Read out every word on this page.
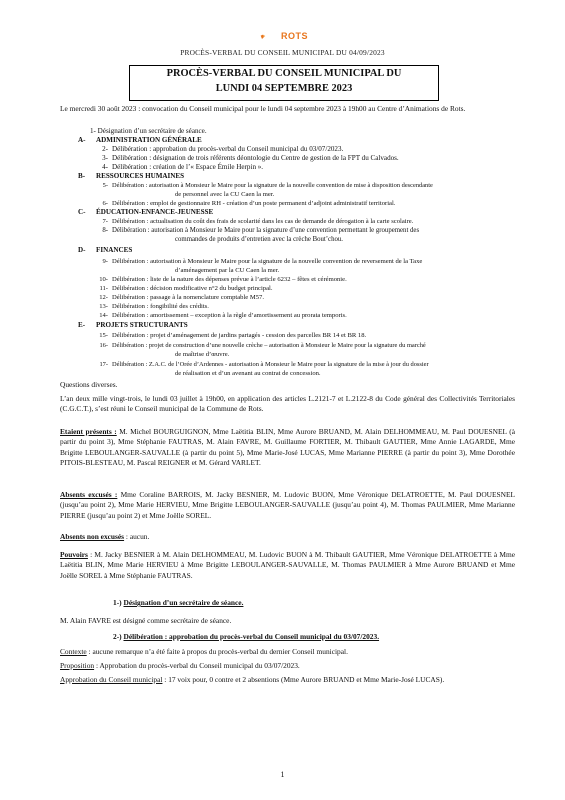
ROTS
PROCÈS-VERBAL DU CONSEIL MUNICIPAL DU 04/09/2023
PROCÈS-VERBAL DU CONSEIL MUNICIPAL DU
LUNDI 04 SEPTEMBRE 2023
Le mercredi 30 août 2023 : convocation du Conseil municipal pour le lundi 04 septembre 2023 à 19h00 au Centre d’Animations de Rots.
1- Désignation d’un secrétaire de séance.
A- ADMINISTRATION GÉNÉRALE
2- Délibération : approbation du procès-verbal du Conseil municipal du 03/07/2023.
3- Délibération : désignation de trois référents déontologie du Centre de gestion de la FPT du Calvados.
4- Délibération : création de l’« Espace Émile Herpin ».
B- RESSOURCES HUMAINES
5- Délibération : autorisation à Monsieur le Maire pour la signature de la nouvelle convention de mise à disposition descendante
de personnel avec la CU Caen la mer.
6- Délibération : emploi de gestionnaire RH - création d’un poste permanent d’adjoint administratif territorial.
C- ÉDUCATION-ENFANCE-JEUNESSE
7- Délibération : actualisation du coût des frais de scolarité dans les cas de demande de dérogation à la carte scolaire.
8- Délibération : autorisation à Monsieur le Maire pour la signature d’une convention permettant le groupement des
commandes de produits d’entretien avec la crèche Bout’chou.
D- FINANCES
9- Délibération : autorisation à Monsieur le Maire pour la signature de la nouvelle convention de reversement de la Taxe
d’aménagement par la CU Caen la mer.
10- Délibération : liste de la nature des dépenses prévue à l’article 6232 – fêtes et cérémonie.
11- Délibération : décision modificative n°2 du budget principal.
12- Délibération : passage à la nomenclature comptable M57.
13- Délibération : fongibilité des crédits.
14- Délibération : amortissement – exception à la règle d’amortissement au prorata temporis.
E- PROJETS STRUCTURANTS
15- Délibération : projet d’aménagement de jardins partagés - cession des parcelles BR 14 et BR 18.
16- Délibération : projet de construction d’une nouvelle crèche – autorisation à Monsieur le Maire pour la signature du marché
de maîtrise d’œuvre.
17- Délibération : Z.A.C. de l’Orée d’Ardennes - autorisation à Monsieur le Maire pour la signature de la mise à jour du dossier
de réalisation et d’un avenant au contrat de concession.
Questions diverses.
L’an deux mille vingt-trois, le lundi 03 juillet à 19h00, en application des articles L.2121-7 et L.2122-8 du Code général des Collectivités Territoriales (C.G.C.T.), s’est réuni le Conseil municipal de la Commune de Rots.
Etaient présents : M. Michel BOURGUIGNON, Mme Laëtitia BLIN, Mme Aurore BRUAND, M. Alain DELHOMMEAU, M. Paul DOUESNEL (à partir du point 3), Mme Stéphanie FAUTRAS, M. Alain FAVRE, M. Guillaume FORTIER, M. Thibault GAUTIER, Mme Annie LAGARDE, Mme Brigitte LEBOULANGER-SAUVALLE (à partir du point 5), Mme Marie-José LUCAS, Mme Marianne PIERRE (à partir du point 3), Mme Dorothée PITOIS-BLESTEAU, M. Pascal REIGNER et M. Gérard VARLET.
Absents excusés : Mme Coraline BARROIS, M. Jacky BESNIER, M. Ludovic BUON, Mme Véronique DELATROETTE, M. Paul DOUESNEL (jusqu’au point 2), Mme Marie HERVIEU, Mme Brigitte LEBOULANGER-SAUVALLE (jusqu’au point 4), M. Thomas PAULMIER, Mme Marianne PIERRE (jusqu’au point 2) et Mme Joëlle SOREL.
Absents non excusés : aucun.
Pouvoirs : M. Jacky BESNIER à M. Alain DELHOMMEAU, M. Ludovic BUON à M. Thibault GAUTIER, Mme Véronique DELATROETTE à Mme Laëtitia BLIN, Mme Marie HERVIEU à Mme Brigitte LEBOULANGER-SAUVALLE, M. Thomas PAULMIER à Mme Aurore BRUAND et Mme Joëlle SOREL à Mme Stéphanie FAUTRAS.
1-) Désignation d’un secrétaire de séance.
M. Alain FAVRE est désigné comme secrétaire de séance.
2-) Délibération : approbation du procès-verbal du Conseil municipal du 03/07/2023.
Contexte : aucune remarque n’a été faite à propos du procès-verbal du dernier Conseil municipal.
Proposition : Approbation du procès-verbal du Conseil municipal du 03/07/2023.
Approbation du Conseil municipal : 17 voix pour, 0 contre et 2 absentions (Mme Aurore BRUAND et Mme Marie-José LUCAS).
1
